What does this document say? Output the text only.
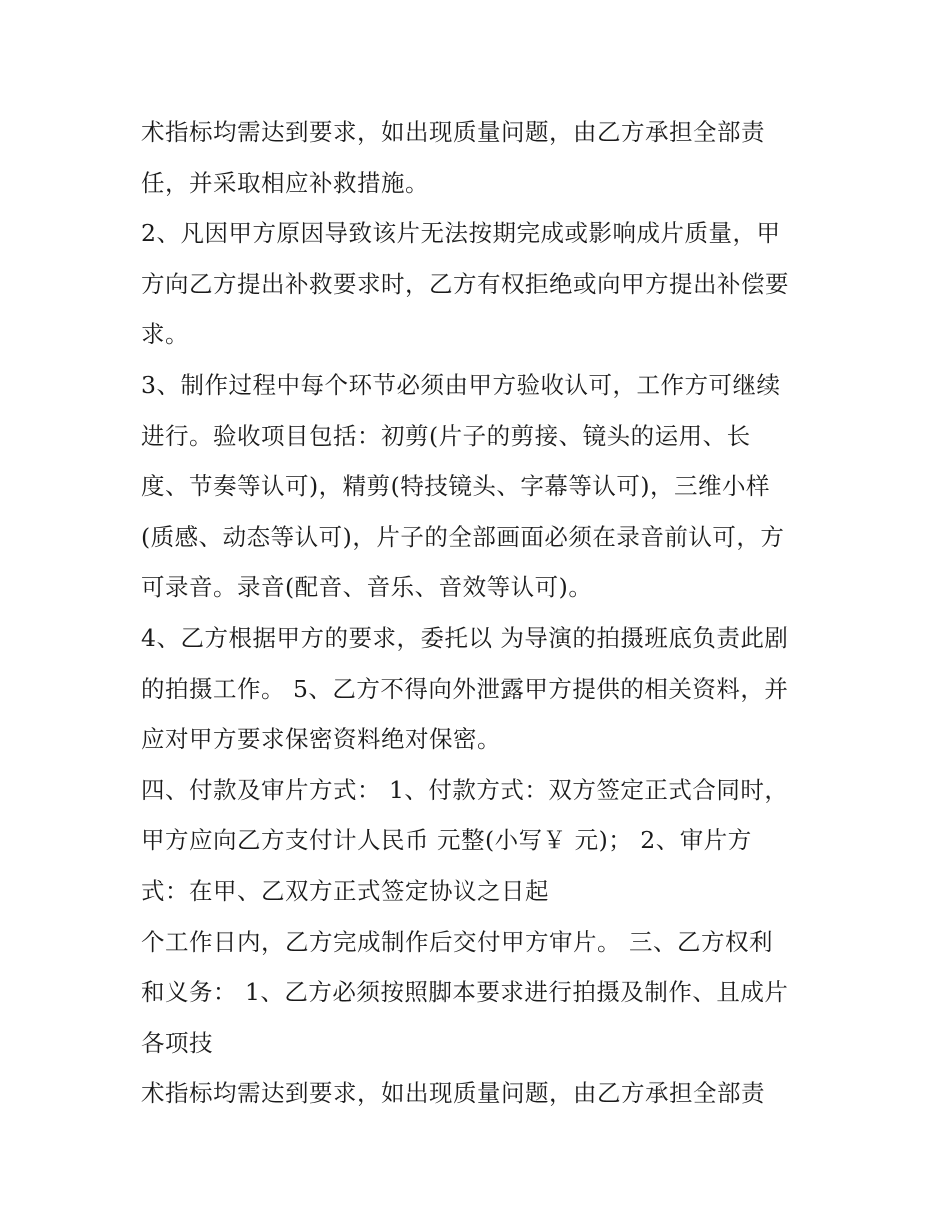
术指标均需达到要求，如出现质量问题，由乙方承担全部责
任，并采取相应补救措施。
2、凡因甲方原因导致该片无法按期完成或影响成片质量，甲
方向乙方提出补救要求时，乙方有权拒绝或向甲方提出补偿要
求。
3、制作过程中每个环节必须由甲方验收认可，工作方可继续
进行。验收项目包括：初剪(片子的剪接、镜头的运用、长
度、节奏等认可)，精剪(特技镜头、字幕等认可)，三维小样
(质感、动态等认可)，片子的全部画面必须在录音前认可，方
可录音。录音(配音、音乐、音效等认可)。
4、乙方根据甲方的要求，委托以 为导演的拍摄班底负责此剧
的拍摄工作。 5、乙方不得向外泄露甲方提供的相关资料，并
应对甲方要求保密资料绝对保密。
四、付款及审片方式： 1、付款方式：双方签定正式合同时，
甲方应向乙方支付计人民币 元整(小写￥ 元)； 2、审片方
式：在甲、乙双方正式签定协议之日起
个工作日内，乙方完成制作后交付甲方审片。 三、乙方权利
和义务： 1、乙方必须按照脚本要求进行拍摄及制作、且成片
各项技
术指标均需达到要求，如出现质量问题，由乙方承担全部责
